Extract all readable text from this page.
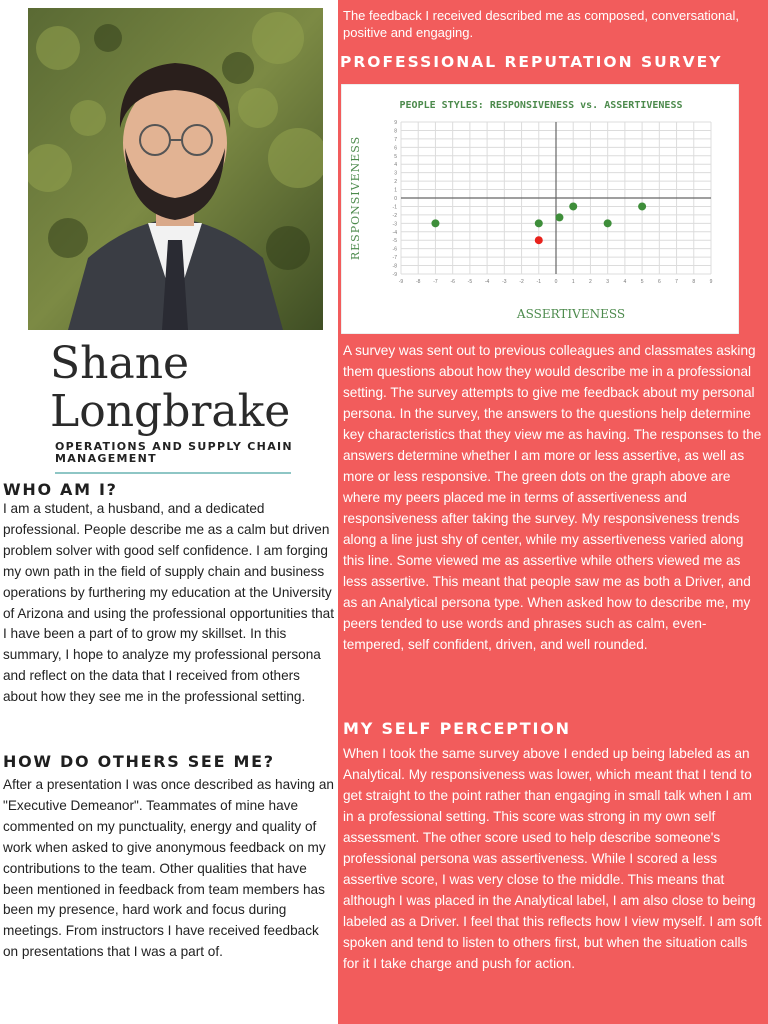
Shane
Longbrake
OPERATIONS AND SUPPLY CHAIN MANAGEMENT
WHO AM I?

I am a student, a husband, and a dedicated professional. People describe me as a calm but driven problem solver with good self confidence. I am forging my own path in the field of supply chain and business operations by furthering my education at the University of Arizona and using the professional opportunities that I have been a part of to grow my skillset. In this summary, I hope to analyze my professional persona and reflect on the data that I received from others about how they see me in the professional setting.

HOW DO OTHERS SEE ME?

After a presentation I was once described as having an "Executive Demeanor". Teammates of mine have commented on my punctuality, energy and quality of work when asked to give anonymous feedback on my contributions to the team. Other qualities that have been mentioned in feedback from team members has been my presence, hard work and focus during meetings. From instructors I have received feedback on presentations that I was a part of.

The feedback I received described me as composed, conversational, positive and engaging.

PROFESSIONAL REPUTATION SURVEY
-9	-8	-7	-6	-5	-4	-3	-2	-1	0	1	2	3	4	5	6	7	8	9
-9
-8
-7
-6
-5
-4
-3
-2
-1
0
1
2
3
4
5
6
7
8
9
PEOPLE STYLES: RESPONSIVENESS vs. ASSERTIVENESS
ASSERTIVENESS
RESPONSIVENESS

A survey was sent out to previous colleagues and classmates asking them questions about how they would describe me in a professional setting. The survey attempts to give me feedback about my personal persona. In the survey, the answers to the questions help determine key characteristics that they view me as having. The responses to the answers determine whether I am more or less assertive, as well as more or less responsive. The green dots on the graph above are where my peers placed me in terms of assertiveness and responsiveness after taking the survey. My responsiveness trends along a line just shy of center, while my assertiveness varied along this line. Some viewed me as assertive while others viewed me as less assertive. This meant that people saw me as both a Driver, and as an Analytical persona type. When asked how to describe me, my peers tended to use words and phrases such as calm, even-tempered, self confident, driven, and well rounded.

MY SELF PERCEPTION

When I took the same survey above I ended up being labeled as an Analytical. My responsiveness was lower, which meant that I tend to get straight to the point rather than engaging in small talk when I am in a professional setting. This score was strong in my own self assessment. The other score used to help describe someone's professional persona was assertiveness. While I scored a less assertive score, I was very close to the middle. This means that although I was placed in the Analytical label, I am also close to being labeled as a Driver. I feel that this reflects how I view myself. I am soft spoken and tend to listen to others first, but when the situation calls for it I take charge and push for action.
